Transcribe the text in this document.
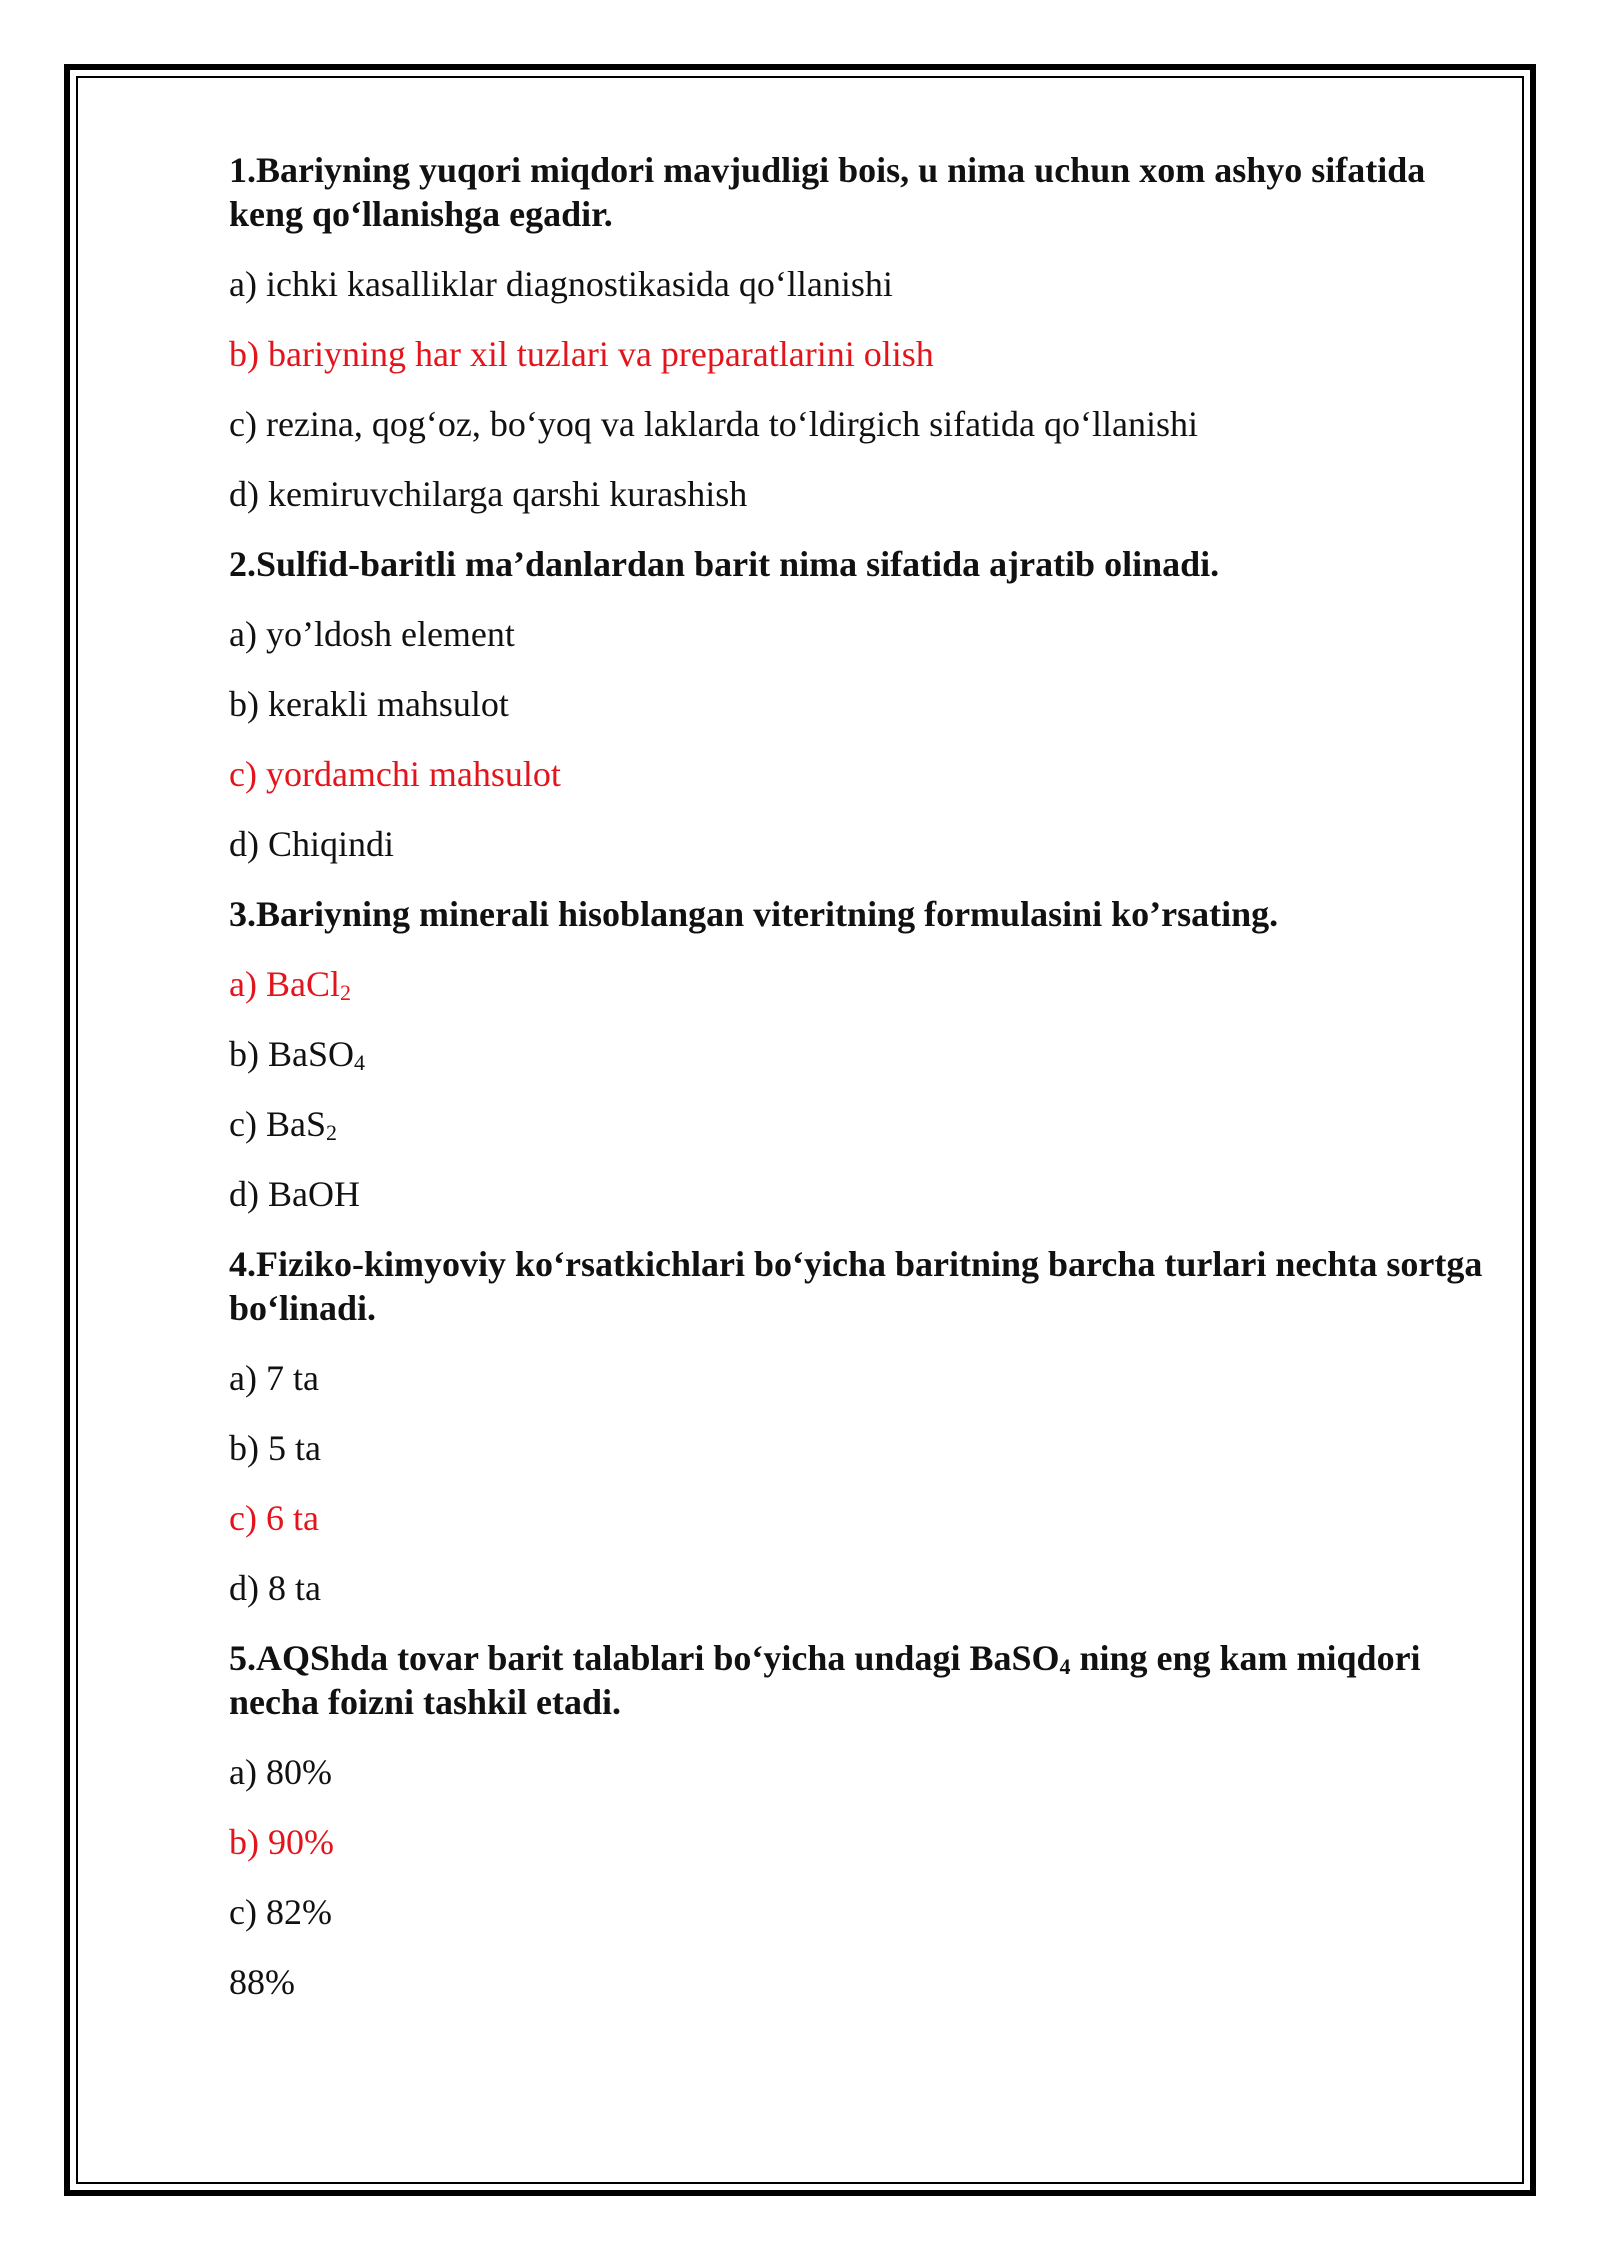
1.Bariyning yuqori miqdori mavjudligi bois, u nima uchun xom ashyo sifatida keng qo‘llanishga egadir.
a) ichki kasalliklar diagnostikasida qo‘llanishi
b) bariyning har xil tuzlari va preparatlarini olish
c) rezina, qog‘oz, bo‘yoq va laklarda to‘ldirgich sifatida qo‘llanishi
d) kemiruvchilarga qarshi kurashish
2.Sulfid-baritli ma’danlardan barit nima sifatida ajratib olinadi.
a) yo’ldosh element
b) kerakli mahsulot
c) yordamchi mahsulot
d) Chiqindi
3.Bariyning minerali hisoblangan viteritning formulasini ko’rsating.
a) BaCl$_2$
b) BaSO$_4$
c) BaS$_2$
d) BaOH
4.Fiziko-kimyoviy ko‘rsatkichlari bo‘yicha baritning barcha turlari nechta sortga bo‘linadi.
a) 7 ta
b) 5 ta
c) 6 ta
d) 8 ta
5.AQShda tovar barit talablari bo‘yicha undagi BaSO$_4$ ning eng kam miqdori necha foizni tashkil etadi.
a) 80%
b) 90%
c) 82%
88%
